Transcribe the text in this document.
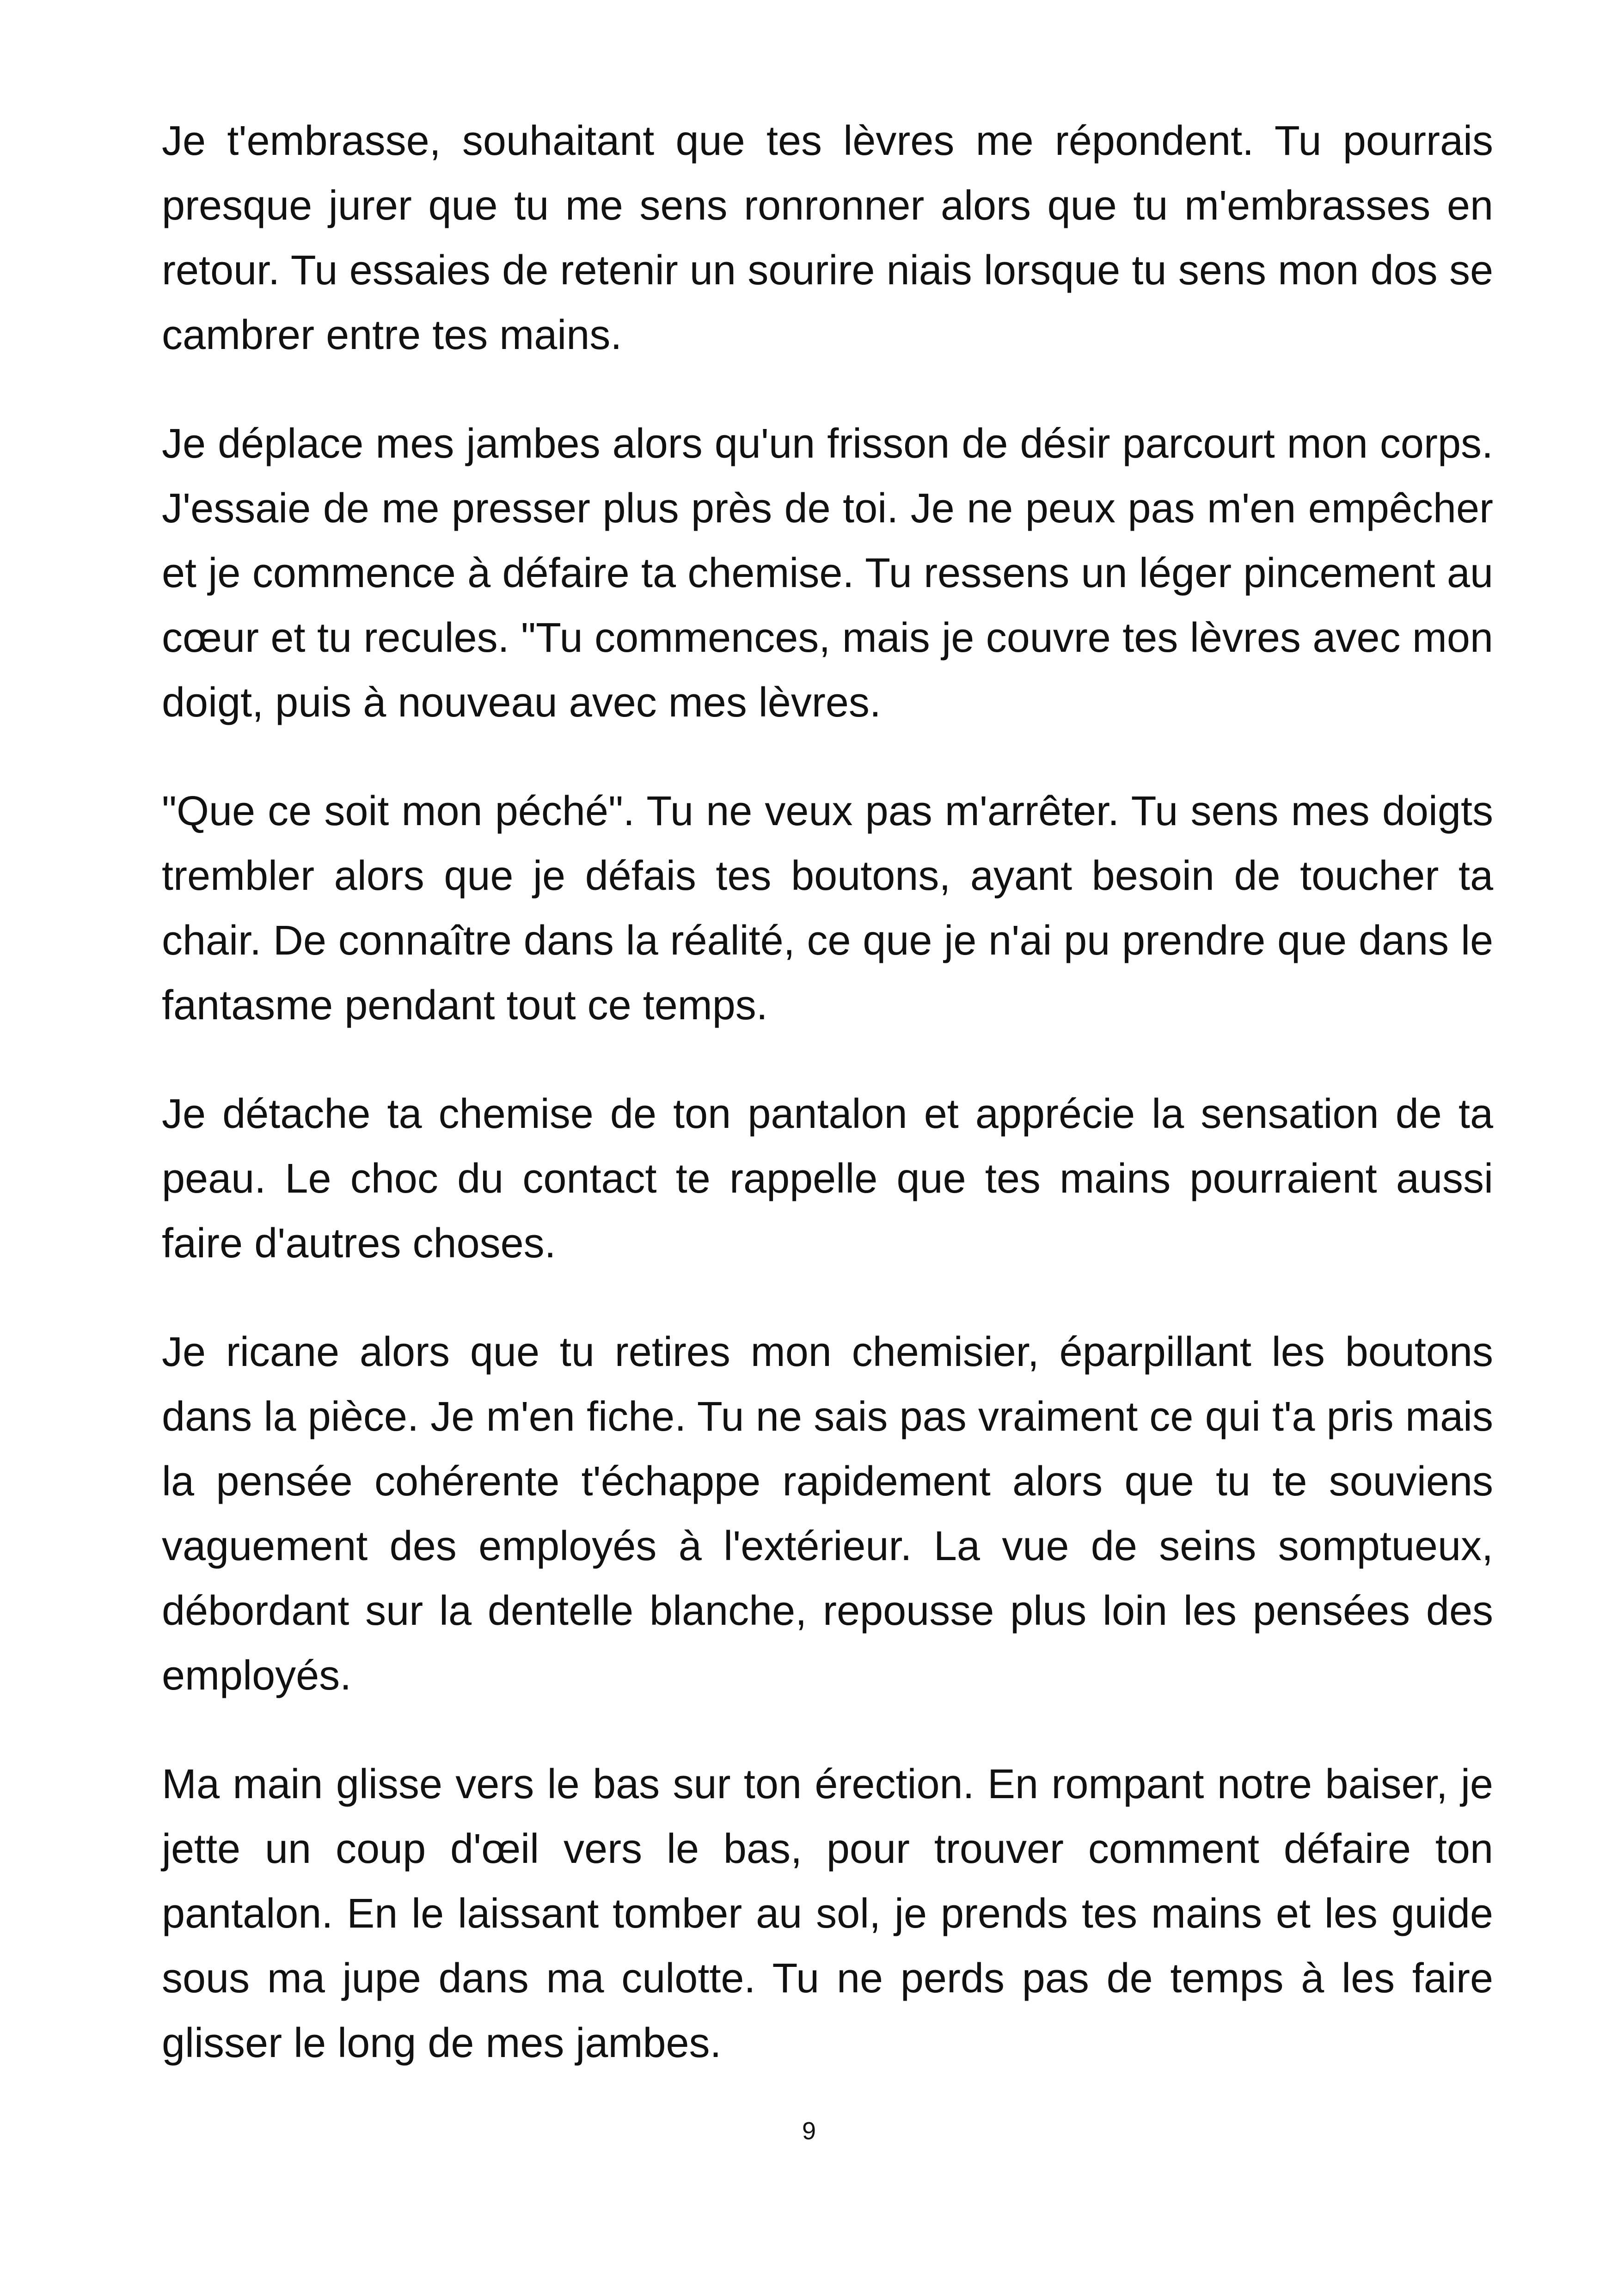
Je t'embrasse, souhaitant que tes lèvres me répondent. Tu pourrais presque jurer que tu me sens ronronner alors que tu m'embrasses en retour. Tu essaies de retenir un sourire niais lorsque tu sens mon dos se cambrer entre tes mains.

Je déplace mes jambes alors qu'un frisson de désir parcourt mon corps. J'essaie de me presser plus près de toi. Je ne peux pas m'en empêcher et je commence à défaire ta chemise. Tu ressens un léger pincement au cœur et tu recules. "Tu commences, mais je couvre tes lèvres avec mon doigt, puis à nouveau avec mes lèvres.

"Que ce soit mon péché". Tu ne veux pas m'arrêter. Tu sens mes doigts trembler alors que je défais tes boutons, ayant besoin de toucher ta chair. De connaître dans la réalité, ce que je n'ai pu prendre que dans le fantasme pendant tout ce temps.

Je détache ta chemise de ton pantalon et apprécie la sensation de ta peau. Le choc du contact te rappelle que tes mains pourraient aussi faire d'autres choses.

Je ricane alors que tu retires mon chemisier, éparpillant les boutons dans la pièce. Je m'en fiche. Tu ne sais pas vraiment ce qui t'a pris mais la pensée cohérente t'échappe rapidement alors que tu te souviens vaguement des employés à l'extérieur. La vue de seins somptueux, débordant sur la dentelle blanche, repousse plus loin les pensées des employés.

Ma main glisse vers le bas sur ton érection. En rompant notre baiser, je jette un coup d'œil vers le bas, pour trouver comment défaire ton pantalon. En le laissant tomber au sol, je prends tes mains et les guide sous ma jupe dans ma culotte. Tu ne perds pas de temps à les faire glisser le long de mes jambes.

9
